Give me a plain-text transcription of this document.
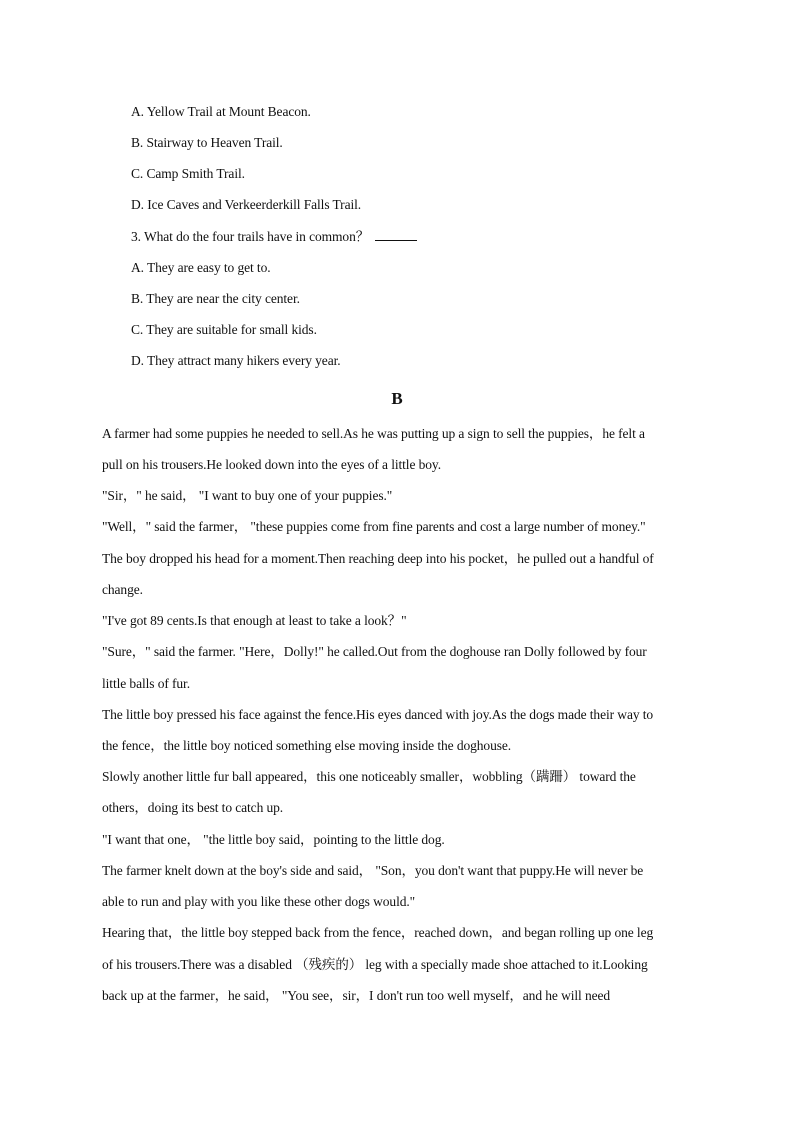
A. Yellow Trail at Mount Beacon.
B. Stairway to Heaven Trail.
C. Camp Smith Trail.
D. Ice Caves and Verkeerderkill Falls Trail.
3. What do the four trails have in common？
A. They are easy to get to.
B. They are near the city center.
C. They are suitable for small kids.
D. They attract many hikers every year.
B
A farmer had some puppies he needed to sell.As he was putting up a sign to sell the puppies，he felt a
pull on his trousers.He looked down into the eyes of a little boy.
"Sir，" he said， "I want to buy one of your puppies."
"Well，" said the farmer， "these puppies come from fine parents and cost a large number of money."
The boy dropped his head for a moment.Then reaching deep into his pocket，he pulled out a handful of
change.
"I've got 89 cents.Is that enough at least to take a look？"
"Sure，" said the farmer. "Here，Dolly!" he called.Out from the doghouse ran Dolly followed by four
little balls of fur.
The little boy pressed his face against the fence.His eyes danced with joy.As the dogs made their way to
the fence，the little boy noticed something else moving inside the doghouse.
Slowly another little fur ball appeared，this one noticeably smaller，wobbling（蹒跚） toward the
others，doing its best to catch up.
"I want that one， "the little boy said，pointing to the little dog.
The farmer knelt down at the boy's side and said， "Son，you don't want that puppy.He will never be
able to run and play with you like these other dogs would."
Hearing that，the little boy stepped back from the fence，reached down，and began rolling up one leg
of his trousers.There was a disabled （残疾的） leg with a specially made shoe attached to it.Looking
back up at the farmer，he said， "You see，sir，I don't run too well myself，and he will need
